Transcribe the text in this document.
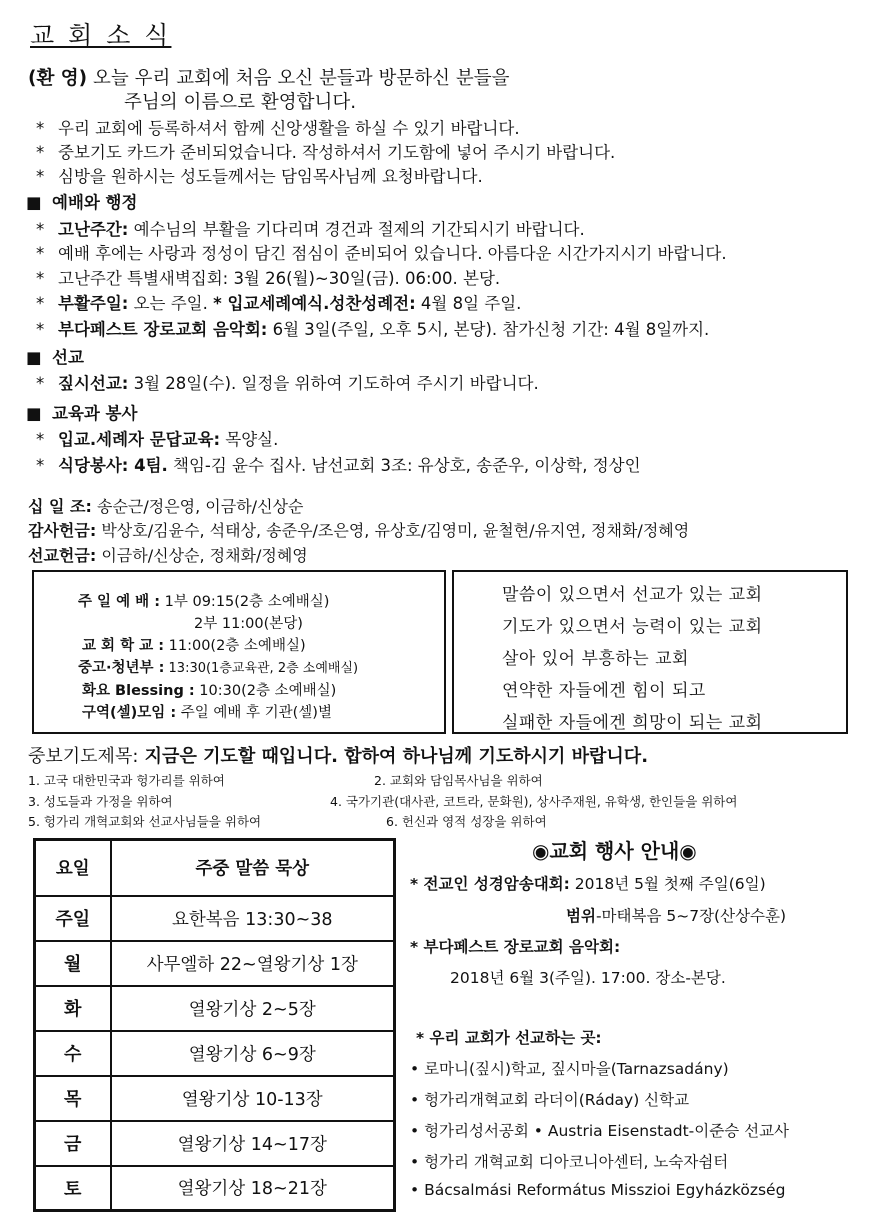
교 회 소 식
(환 영) 오늘 우리 교회에 처음 오신 분들과 방문하신 분들을
주님의 이름으로 환영합니다.
* 우리 교회에 등록하셔서 함께 신앙생활을 하실 수 있기 바랍니다.
* 중보기도 카드가 준비되었습니다. 작성하셔서 기도함에 넣어 주시기 바랍니다.
* 심방을 원하시는 성도들께서는 담임목사님께 요청바랍니다.
■ 예배와 행정
* 고난주간: 예수님의 부활을 기다리며 경건과 절제의 기간되시기 바랍니다.
* 예배 후에는 사랑과 정성이 담긴 점심이 준비되어 있습니다. 아름다운 시간가지시기 바랍니다.
* 고난주간 특별새벽집회: 3월 26(월)~30일(금). 06:00. 본당.
* 부활주일: 오는 주일. * 입교세례예식.성찬성례전: 4월 8일 주일.
* 부다페스트 장로교회 음악회: 6월 3일(주일, 오후 5시, 본당). 참가신청 기간: 4월 8일까지.
■ 선교
* 짚시선교: 3월 28일(수). 일정을 위하여 기도하여 주시기 바랍니다.
■ 교육과 봉사
* 입교.세례자 문답교육: 목양실.
* 식당봉사: 4팀. 책임-김 윤수 집사. 남선교회 3조: 유상호, 송준우, 이상학, 정상인
십 일 조: 송순근/정은영, 이금하/신상순
감사헌금: 박상호/김윤수, 석태상, 송준우/조은영, 유상호/김영미, 윤철현/유지연, 정채화/정혜영
선교헌금: 이금하/신상순, 정채화/정혜영
주 일 예 배 : 1부 09:15(2층 소예배실)
2부 11:00(본당)
교 회 학 교 : 11:00(2층 소예배실)
중고·청년부 : 13:30(1층교육관, 2층 소예배실)
화요 Blessing : 10:30(2층 소예배실)
구역(셀)모임 : 주일 예배 후 기관(셀)별
말씀이 있으면서 선교가 있는 교회
기도가 있으면서 능력이 있는 교회
살아 있어 부흥하는 교회
연약한 자들에겐 힘이 되고
실패한 자들에겐 희망이 되는 교회
중보기도제목: 지금은 기도할 때입니다. 합하여 하나님께 기도하시기 바랍니다.
1. 고국 대한민국과 헝가리를 위하여	2. 교회와 담임목사님을 위하여
3. 성도들과 가정을 위하여	4. 국가기관(대사관, 코트라, 문화원), 상사주재원, 유학생, 한인들을 위하여
5. 헝가리 개혁교회와 선교사님들을 위하여	6. 헌신과 영적 성장을 위하여
요일	주중 말씀 묵상
주일	요한복음 13:30~38
월	사무엘하 22~열왕기상 1장
화	열왕기상 2~5장
수	열왕기상 6~9장
목	열왕기상 10-13장
금	열왕기상 14~17장
토	열왕기상 18~21장
◉교회 행사 안내◉
* 전교인 성경암송대회: 2018년 5월 첫째 주일(6일)
범위-마태복음 5~7장(산상수훈)
* 부다페스트 장로교회 음악회:
2018년 6월 3(주일). 17:00. 장소-본당.
* 우리 교회가 선교하는 곳:
• 로마니(짚시)학교, 짚시마을(Tarnazsadány)
• 헝가리개혁교회 라더이(Ráday) 신학교
• 헝가리성서공회 • Austria Eisenstadt-이준승 선교사
• 헝가리 개혁교회 디아코니아센터, 노숙자쉼터
• Bácsalmási Református Misszioi Egyházközség
